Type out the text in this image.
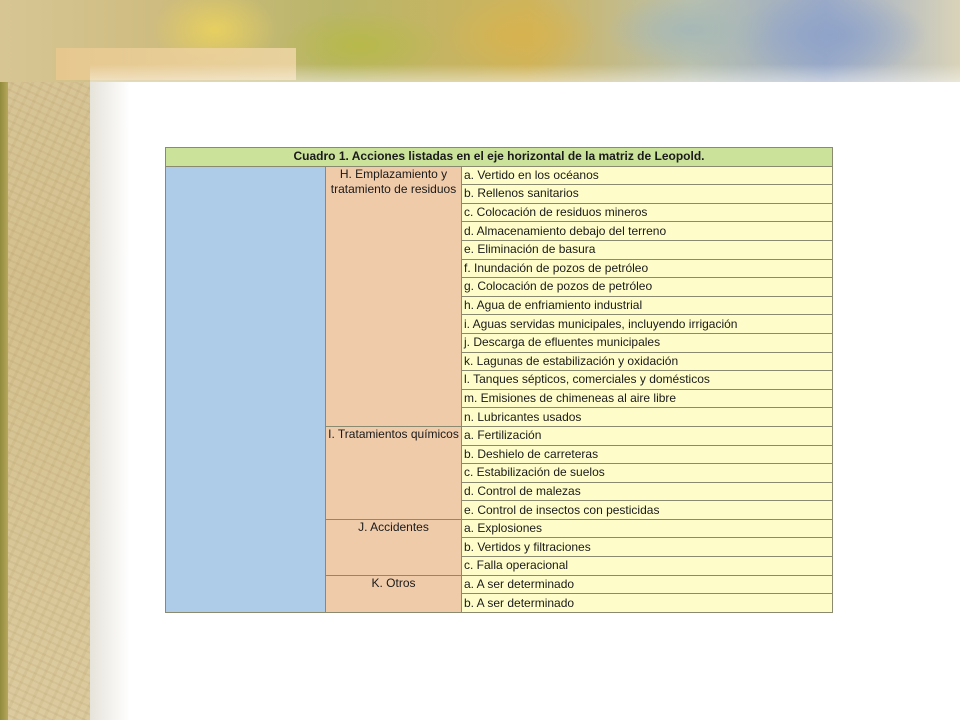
Cuadro 1. Acciones listadas en el eje horizontal de la matriz de Leopold.		
	H. Emplazamiento y tratamiento de residuos	a. Vertido en los océanos
		b. Rellenos sanitarios
		c. Colocación de residuos mineros
		d. Almacenamiento debajo del terreno
		e. Eliminación de basura
		f. Inundación de pozos de petróleo
		g. Colocación de pozos de petróleo
		h. Agua de enfriamiento industrial
		i. Aguas servidas municipales, incluyendo irrigación
		j. Descarga de efluentes municipales
		k. Lagunas de estabilización y oxidación
		l. Tanques sépticos, comerciales y domésticos
		m. Emisiones de chimeneas al aire libre
		n. Lubricantes usados
	I. Tratamientos químicos	a. Fertilización
		b. Deshielo de carreteras
		c. Estabilización de suelos
		d. Control de malezas
		e. Control de insectos con pesticidas
	J. Accidentes	a. Explosiones
		b. Vertidos y filtraciones
		c. Falla operacional
	K. Otros	a. A ser determinado
		b. A ser determinado
